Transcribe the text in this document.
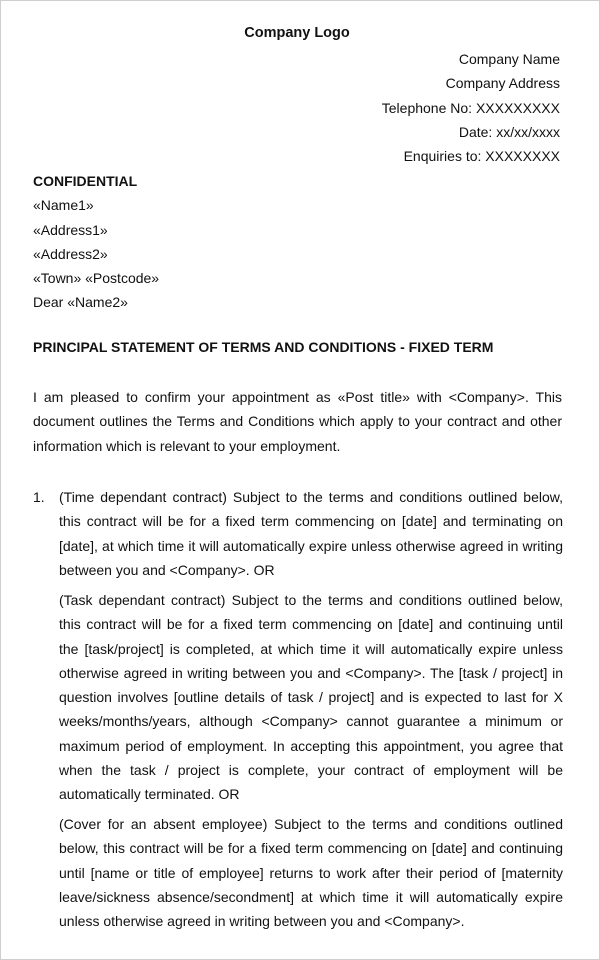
Company Logo
Company Name
Company Address
Telephone No: XXXXXXXXX
Date: xx/xx/xxxx
Enquiries to: XXXXXXXX
CONFIDENTIAL
«Name1»
«Address1»
«Address2»
«Town» «Postcode»
Dear «Name2»
PRINCIPAL STATEMENT OF TERMS AND CONDITIONS - FIXED TERM
I am pleased to confirm your appointment as «Post title» with <Company>. This document outlines the Terms and Conditions which apply to your contract and other information which is relevant to your employment.
1. (Time dependant contract) Subject to the terms and conditions outlined below, this contract will be for a fixed term commencing on [date] and terminating on [date], at which time it will automatically expire unless otherwise agreed in writing between you and <Company>. OR
(Task dependant contract) Subject to the terms and conditions outlined below, this contract will be for a fixed term commencing on [date] and continuing until the [task/project] is completed, at which time it will automatically expire unless otherwise agreed in writing between you and <Company>. The [task / project] in question involves [outline details of task / project] and is expected to last for X weeks/months/years, although <Company> cannot guarantee a minimum or maximum period of employment. In accepting this appointment, you agree that when the task / project is complete, your contract of employment will be automatically terminated. OR
(Cover for an absent employee) Subject to the terms and conditions outlined below, this contract will be for a fixed term commencing on [date] and continuing until [name or title of employee] returns to work after their period of [maternity leave/sickness absence/secondment] at which time it will automatically expire unless otherwise agreed in writing between you and <Company>.
